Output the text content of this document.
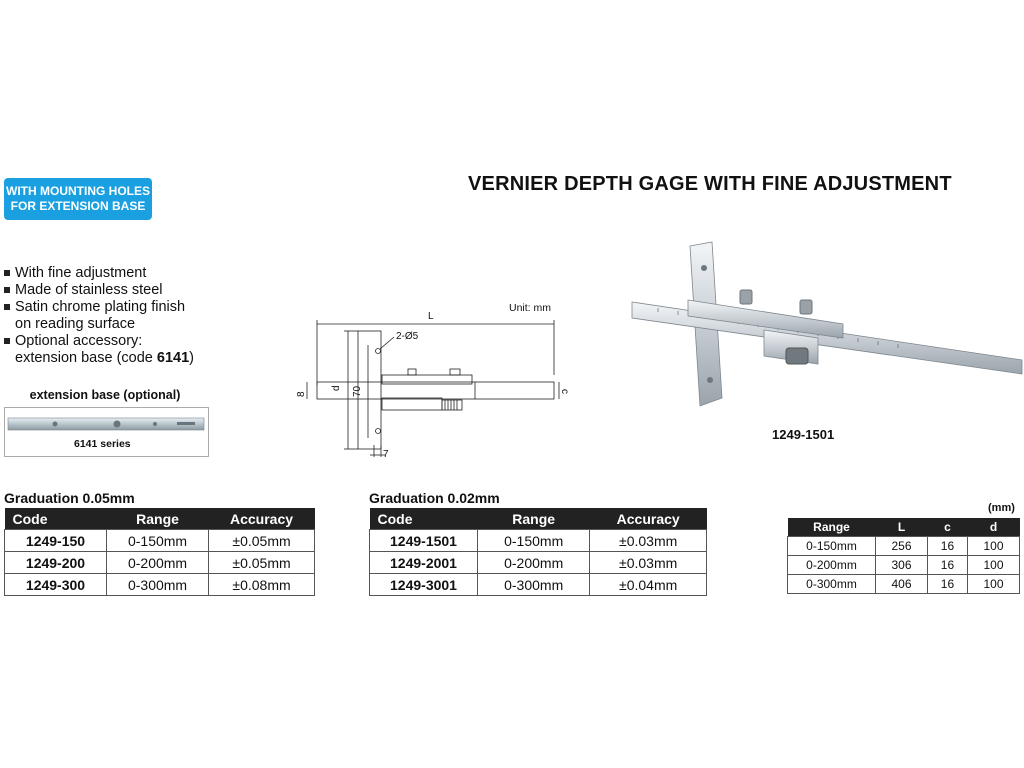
WITH MOUNTING HOLES
FOR EXTENSION BASE
VERNIER DEPTH GAGE WITH FINE ADJUSTMENT
With fine adjustment
Made of stainless steel
Satin chrome plating finish
on reading surface
Optional accessory:
extension base (code 6141)
extension base (optional)
6141 series
Unit: mm
L
2-Ø5
d 70
8	c
7
1249-1501
Graduation 0.05mm
Code	Range	Accuracy
1249-150	0-150mm	±0.05mm
1249-200	0-200mm	±0.05mm
1249-300	0-300mm	±0.08mm
Graduation 0.02mm
Code	Range	Accuracy
1249-1501	0-150mm	±0.03mm
1249-2001	0-200mm	±0.03mm
1249-3001	0-300mm	±0.04mm
(mm)
Range	L	c	d
0-150mm	256	16	100
0-200mm	306	16	100
0-300mm	406	16	100
